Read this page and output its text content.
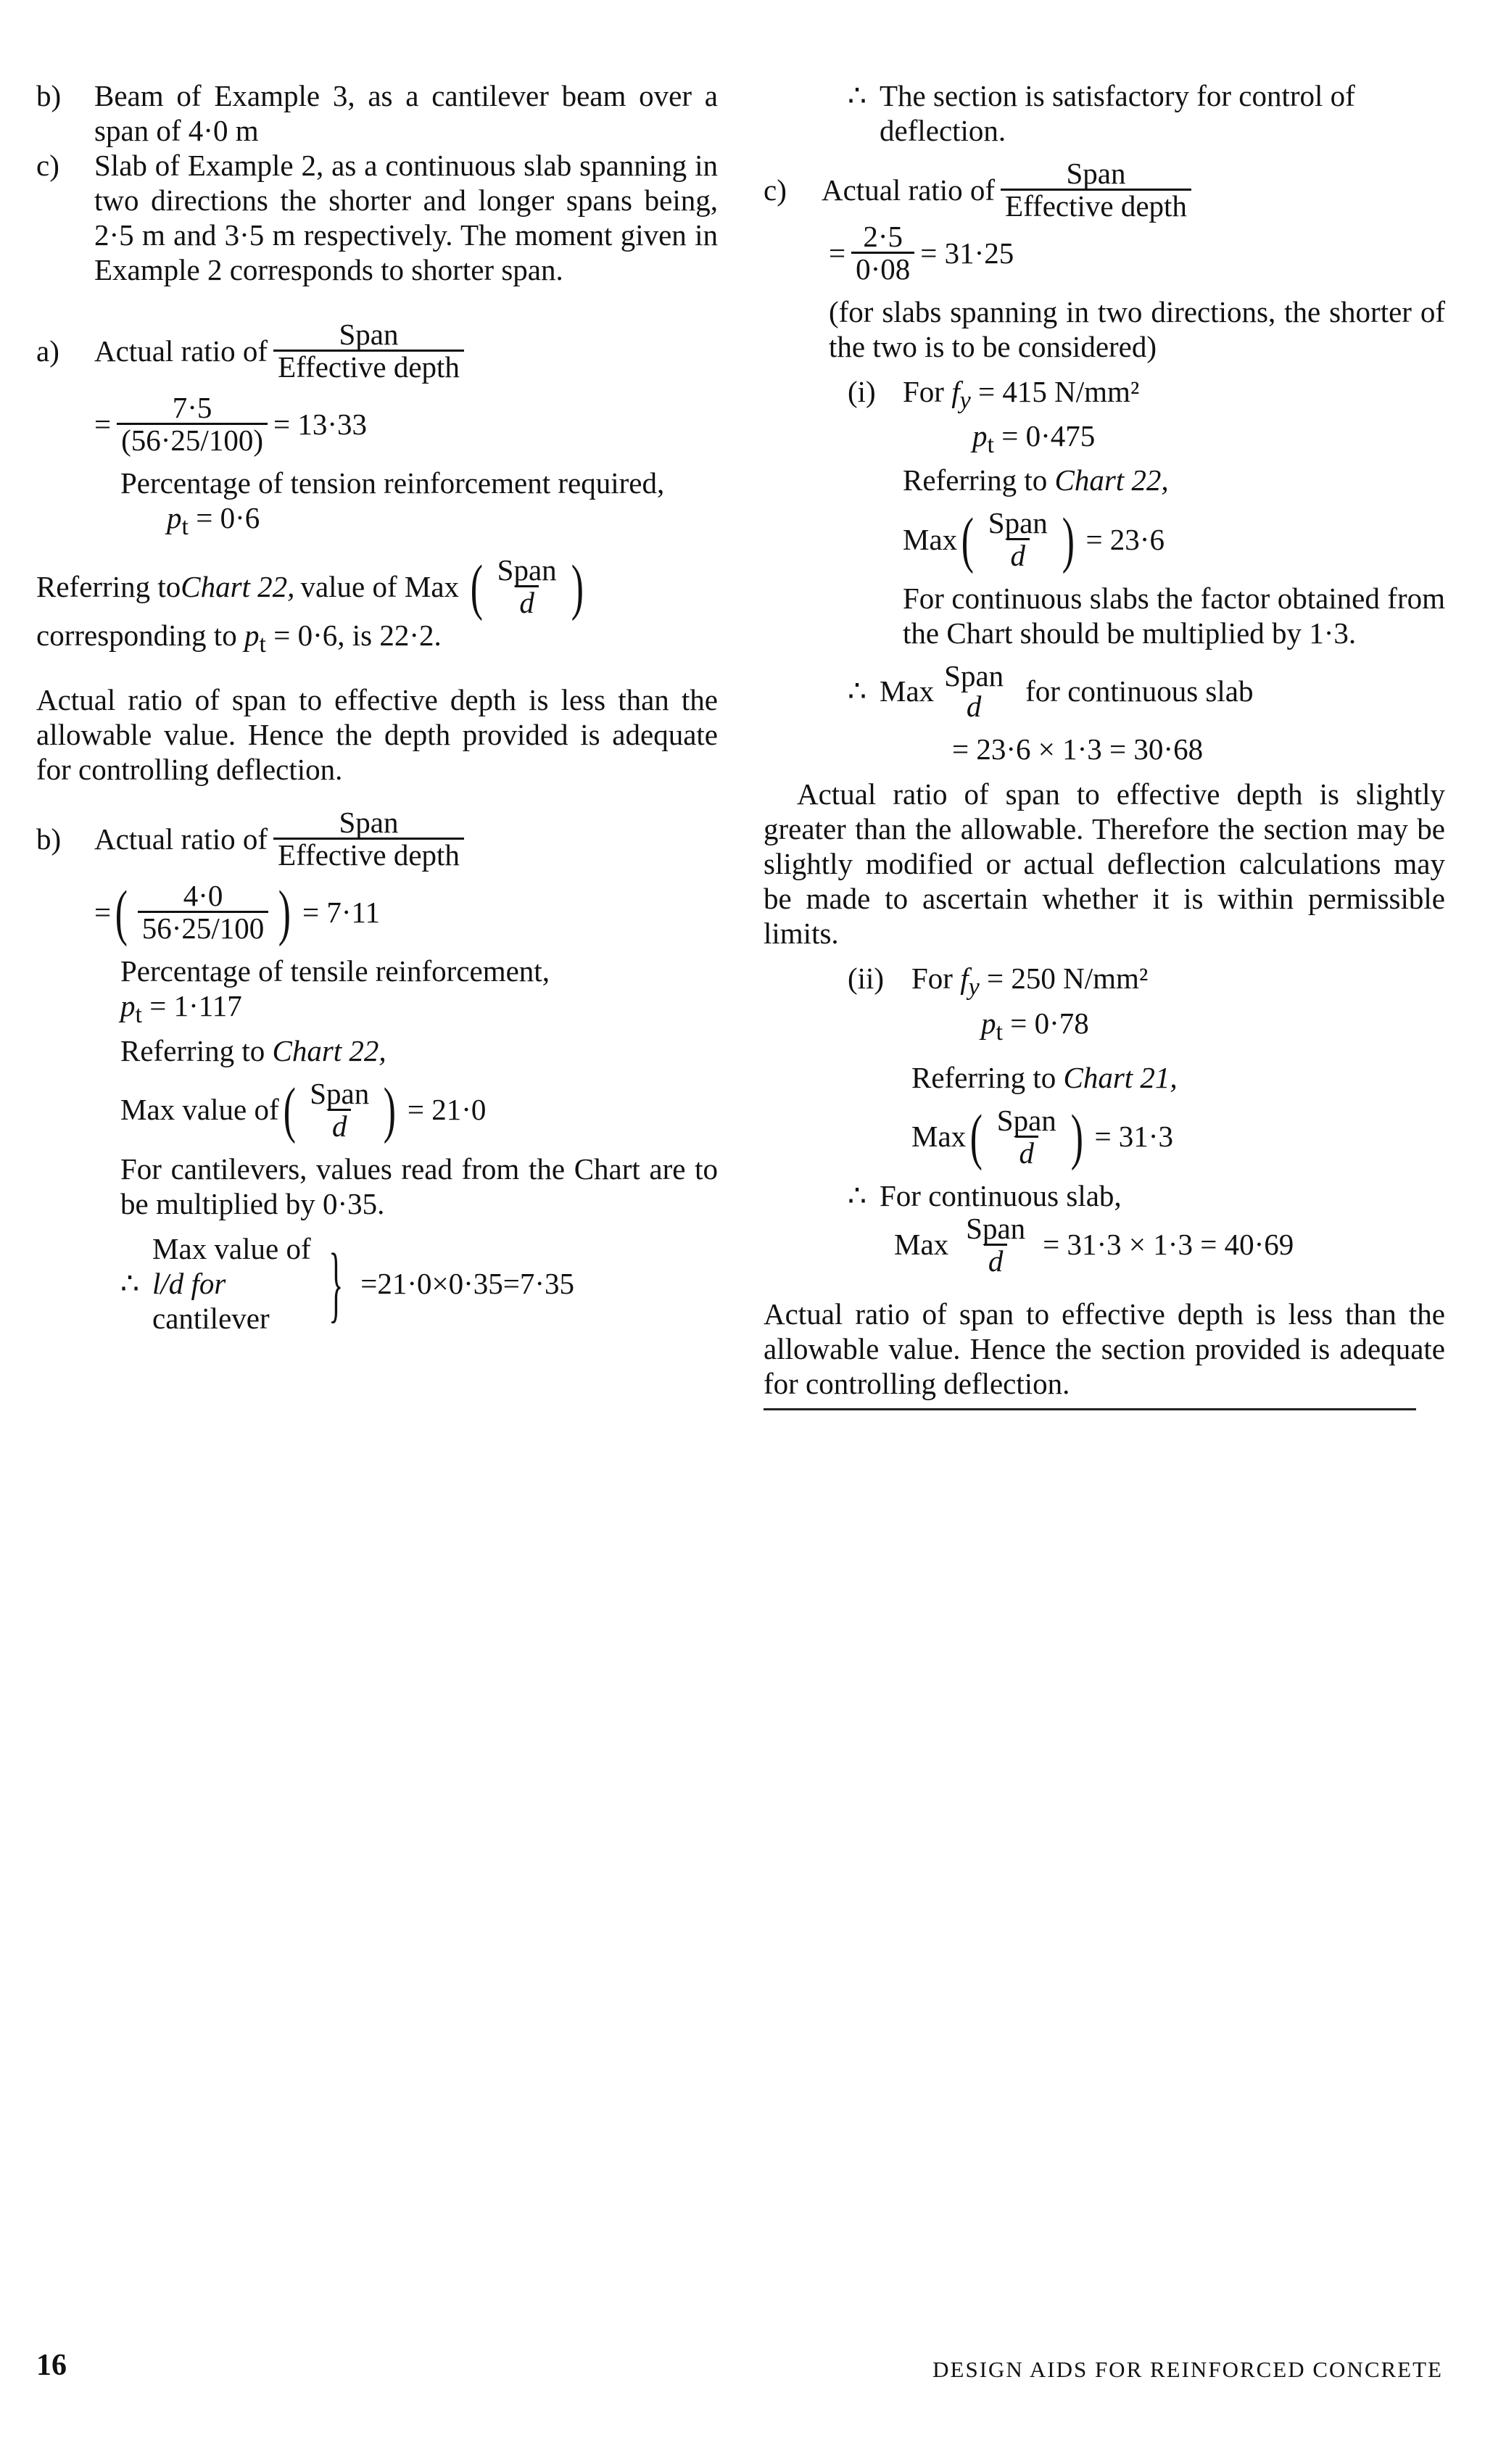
b)	Beam of Example 3, as a cantilever beam over a span of 4·0 m
c)	Slab of Example 2, as a continuous slab spanning in two directions the shorter and longer spans being, 2·5 m and 3·5 m respectively. The moment given in Example 2 corresponds to shorter span.
a)	Actual ratio of $\frac{\text{Span}}{\text{Effective depth}}$
= $\frac{7\cdot 5}{(56\cdot 25/100)} = 13\cdot 33$
Percentage of tension reinforcement required,
$p_t = 0\cdot 6$
Referring to Chart 22, value of Max ( $\frac{\text{Span}}{d}$ )
corresponding to $p_t = 0\cdot 6$, is 22·2.
Actual ratio of span to effective depth is less than the allowable value. Hence the depth provided is adequate for controlling deflection.
b)	Actual ratio of $\frac{\text{Span}}{\text{Effective depth}}$
= ( $\frac{4\cdot 0}{56\cdot 25/100}$ ) = 7·11
Percentage of tensile reinforcement,
$p_t = 1\cdot 117$
Referring to Chart 22,
Max value of ( $\frac{\text{Span}}{d}$ ) = 21·0
For cantilevers, values read from the Chart are to be multiplied by 0·35.
∴
Max value of
l/d for
cantilever } =21·0×0·35=7·35
∴ The section is satisfactory for control of deflection.
c)	Actual ratio of $\frac{\text{Span}}{\text{Effective depth}}$
= $\frac{2\cdot 5}{0\cdot 08} = 31\cdot 25$
(for slabs spanning in two directions, the shorter of the two is to be considered)
(i) For $f_y = 415$ N/mm²
$p_t = 0\cdot 475$
Referring to Chart 22,
Max ( $\frac{\text{Span}}{d}$ ) = 23·6
For continuous slabs the factor obtained from the Chart should be multiplied by 1·3.
∴ Max Span
d for continuous slab
= 23·6 × 1·3 = 30·68
Actual ratio of span to effective depth is slightly greater than the allowable. Therefore the section may be slightly modified or actual deflection calculations may be made to ascertain whether it is within permissible limits.
(ii) For $f_y = 250$ N/mm²
$p_t = 0\cdot 78$
Referring to Chart 21,
Max ( $\frac{\text{Span}}{d}$ ) = 31·3
∴ For continuous slab,
Max $\frac{\text{Span}}{d} = 31\cdot 3 \times 1\cdot 3 = 40\cdot 69$
Actual ratio of span to effective depth is less than the allowable value. Hence the section provided is adequate for controlling deflection.
16	DESIGN AIDS FOR REINFORCED CONCRETE
